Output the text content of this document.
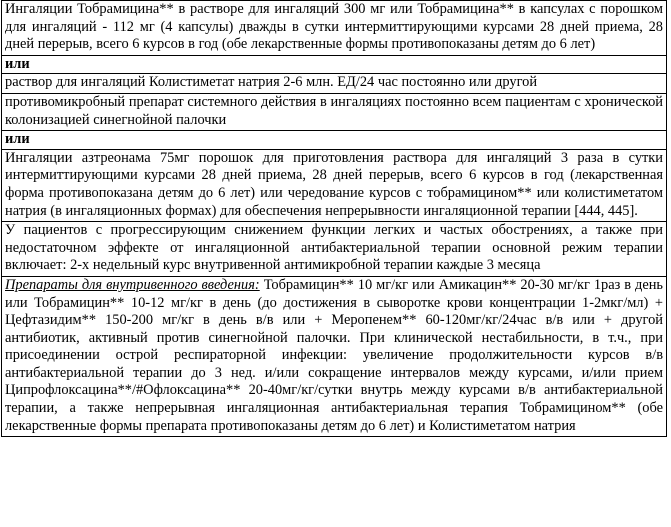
Ингаляции Тобрамицина** в растворе для ингаляций 300 мг или Тобрамицина** в капсулах с порошком для ингаляций - 112 мг (4 капсулы) дважды в сутки интермиттирующими курсами 28 дней приема, 28 дней перерыв, всего 6 курсов в год (обе лекарственные формы противопоказаны детям до 6 лет)
или
раствор для ингаляций Колистиметат натрия 2-6 млн. ЕД/24 час постоянно или другой
противомикробный препарат системного действия в ингаляциях постоянно всем пациентам с хронической колонизацией синегнойной палочки
или
Ингаляции азтреонама 75мг порошок для приготовления раствора для ингаляций 3 раза в сутки интермиттирующими курсами 28 дней приема, 28 дней перерыв, всего 6 курсов в год (лекарственная форма противопоказана детям до 6 лет) или чередование курсов с тобрамицином** или колистиметатом натрия (в ингаляционных формах) для обеспечения непрерывности ингаляционной терапии [444, 445].
У пациентов с прогрессирующим снижением функции легких и частых обострениях, а также при недостаточном эффекте от ингаляционной антибактериальной терапии основной режим терапии включает: 2-х недельный курс внутривенной антимикробной терапии каждые 3 месяца
Препараты для внутривенного введения: Тобрамицин** 10 мг/кг или Амикацин** 20-30 мг/кг 1раз в день или Тобрамицин** 10-12 мг/кг в день (до достижения в сыворотке крови концентрации 1-2мкг/мл) + Цефтазидим** 150-200 мг/кг в день в/в или + Меропенем** 60-120мг/кг/24час в/в или + другой антибиотик, активный против синегнойной палочки. При клинической нестабильности, в т.ч., при присоединении острой респираторной инфекции: увеличение продолжительности курсов в/в антибактериальной терапии до 3 нед. и/или сокращение интервалов между курсами, и/или прием Ципрофлоксацина**/#Офлоксацина** 20-40мг/кг/сутки внутрь между курсами в/в антибактериальной терапии, а также непрерывная ингаляционная антибактериальная терапия Тобрамицином** (обе лекарственные формы препарата противопоказаны детям до 6 лет) и Колистиметатом натрия
